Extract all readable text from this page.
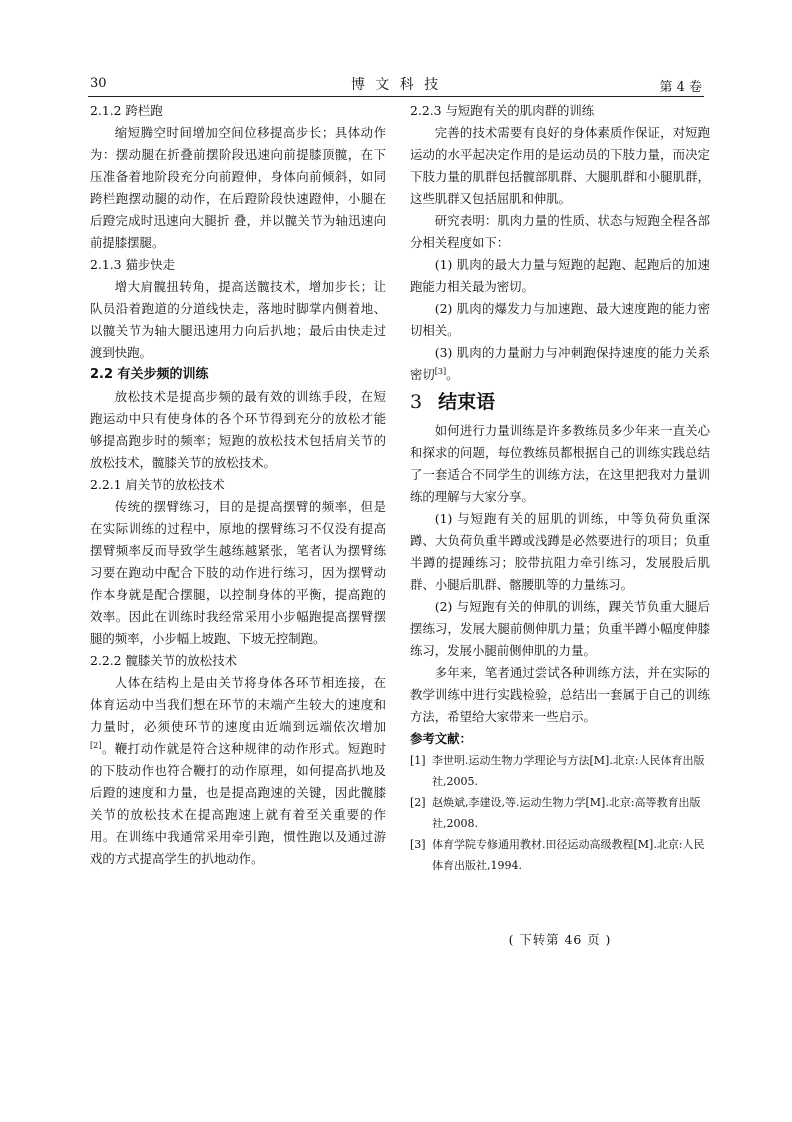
30	博 文 科 技	第 4 卷

2.1.2 跨栏跑

缩短腾空时间增加空间位移提高步长；具体动作为：摆动腿在折叠前摆阶段迅速向前提膝顶髋，在下压准备着地阶段充分向前蹬伸，身体向前倾斜，如同跨栏跑摆动腿的动作，在后蹬阶段快速蹬伸，小腿在后蹬完成时迅速向大腿折 叠，并以髋关节为轴迅速向前提膝摆腿。

2.1.3 猫步快走

增大肩髋扭转角，提高送髋技术，增加步长；让队员沿着跑道的分道线快走，落地时脚掌内侧着地、以髋关节为轴大腿迅速用力向后扒地；最后由快走过渡到快跑。

2.2 有关步频的训练

放松技术是提高步频的最有效的训练手段，在短跑运动中只有使身体的各个环节得到充分的放松才能够提高跑步时的频率；短跑的放松技术包括肩关节的放松技术，髋膝关节的放松技术。

2.2.1 肩关节的放松技术

传统的摆臂练习，目的是提高摆臂的频率，但是在实际训练的过程中，原地的摆臂练习不仅没有提高摆臂频率反而导致学生越练越紧张，笔者认为摆臂练习要在跑动中配合下肢的动作进行练习，因为摆臂动作本身就是配合摆腿，以控制身体的平衡，提高跑的效率。因此在训练时我经常采用小步幅跑提高摆臂摆腿的频率，小步幅上坡跑、下坡无控制跑。

2.2.2 髋膝关节的放松技术

人体在结构上是由关节将身体各环节相连接，在体育运动中当我们想在环节的末端产生较大的速度和力量时，必须使环节的速度由近端到远端依次增加[2]。鞭打动作就是符合这种规律的动作形式。短跑时的下肢动作也符合鞭打的动作原理，如何提高扒地及后蹬的速度和力量，也是提高跑速的关键，因此髋膝关节的放松技术在提高跑速上就有着至关重要的作用。在训练中我通常采用牵引跑，惯性跑以及通过游戏的方式提高学生的扒地动作。

2.2.3 与短跑有关的肌肉群的训练

完善的技术需要有良好的身体素质作保证，对短跑运动的水平起决定作用的是运动员的下肢力量，而决定下肢力量的肌群包括髋部肌群、大腿肌群和小腿肌群，这些肌群又包括屈肌和伸肌。

研究表明：肌肉力量的性质、状态与短跑全程各部分相关程度如下：

(1) 肌肉的最大力量与短跑的起跑、起跑后的加速跑能力相关最为密切。

(2) 肌肉的爆发力与加速跑、最大速度跑的能力密切相关。

(3) 肌肉的力量耐力与冲刺跑保持速度的能力关系密切[3]。

3 结束语

如何进行力量训练是许多教练员多少年来一直关心和探求的问题，每位教练员都根据自己的训练实践总结了一套适合不同学生的训练方法，在这里把我对力量训练的理解与大家分享。

(1) 与短跑有关的屈肌的训练，中等负荷负重深蹲、大负荷负重半蹲或浅蹲是必然要进行的项目；负重半蹲的提踵练习；胶带抗阻力牵引练习，发展股后肌群、小腿后肌群、髂腰肌等的力量练习。

(2) 与短跑有关的伸肌的训练，踝关节负重大腿后摆练习，发展大腿前侧伸肌力量；负重半蹲小幅度伸膝练习，发展小腿前侧伸肌的力量。

多年来，笔者通过尝试各种训练方法，并在实际的教学训练中进行实践检验，总结出一套属于自己的训练方法，希望给大家带来一些启示。

参考文献：

[1] 李世明.运动生物力学理论与方法[M].北京:人民体育出版社,2005.

[2] 赵焕斌,李建设,等.运动生物力学[M].北京:高等教育出版社,2008.

[3] 体育学院专修通用教材.田径运动高级教程[M].北京:人民体育出版社,1994.

( 下转第 46 页 )
